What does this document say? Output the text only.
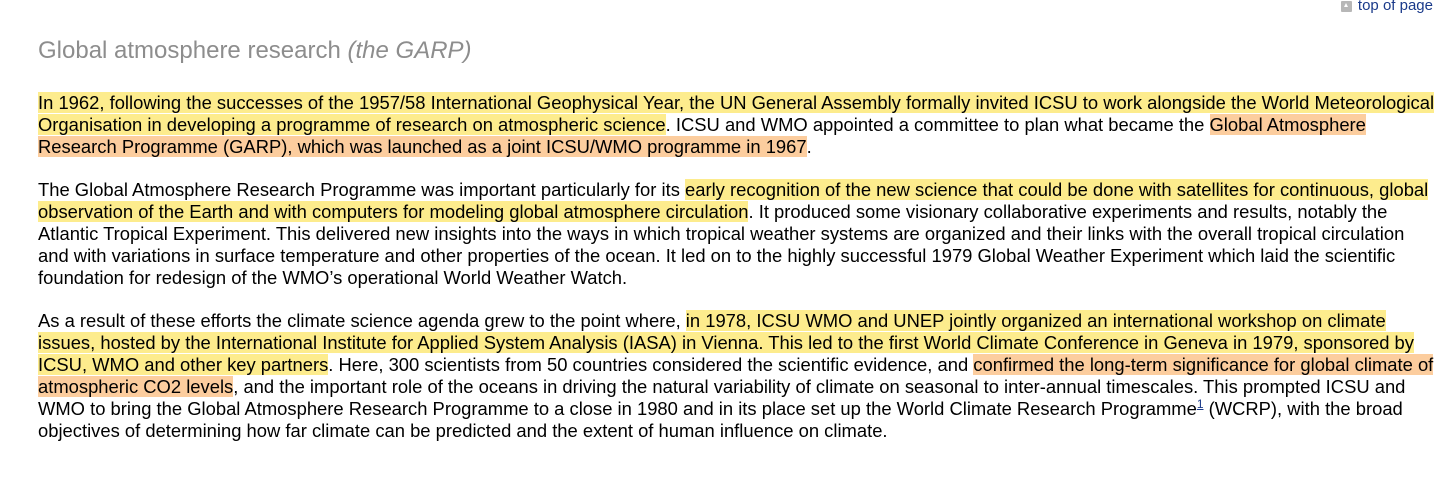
top of page
Global atmosphere research (the GARP)

In 1962, following the successes of the 1957/58 International Geophysical Year, the UN General Assembly formally invited ICSU to work alongside the World Meteorological Organisation in developing a programme of research on atmospheric science. ICSU and WMO appointed a committee to plan what became the Global Atmosphere Research Programme (GARP), which was launched as a joint ICSU/WMO programme in 1967.

The Global Atmosphere Research Programme was important particularly for its early recognition of the new science that could be done with satellites for continuous, global observation of the Earth and with computers for modeling global atmosphere circulation. It produced some visionary collaborative experiments and results, notably the Atlantic Tropical Experiment. This delivered new insights into the ways in which tropical weather systems are organized and their links with the overall tropical circulation and with variations in surface temperature and other properties of the ocean. It led on to the highly successful 1979 Global Weather Experiment which laid the scientific foundation for redesign of the WMO’s operational World Weather Watch.

As a result of these efforts the climate science agenda grew to the point where, in 1978, ICSU WMO and UNEP jointly organized an international workshop on climate issues, hosted by the International Institute for Applied System Analysis (IASA) in Vienna. This led to the first World Climate Conference in Geneva in 1979, sponsored by ICSU, WMO and other key partners. Here, 300 scientists from 50 countries considered the scientific evidence, and confirmed the long-term significance for global climate of atmospheric CO2 levels, and the important role of the oceans in driving the natural variability of climate on seasonal to inter-annual timescales. This prompted ICSU and WMO to bring the Global Atmosphere Research Programme to a close in 1980 and in its place set up the World Climate Research Programme$^1$ (WCRP), with the broad objectives of determining how far climate can be predicted and the extent of human influence on climate.
